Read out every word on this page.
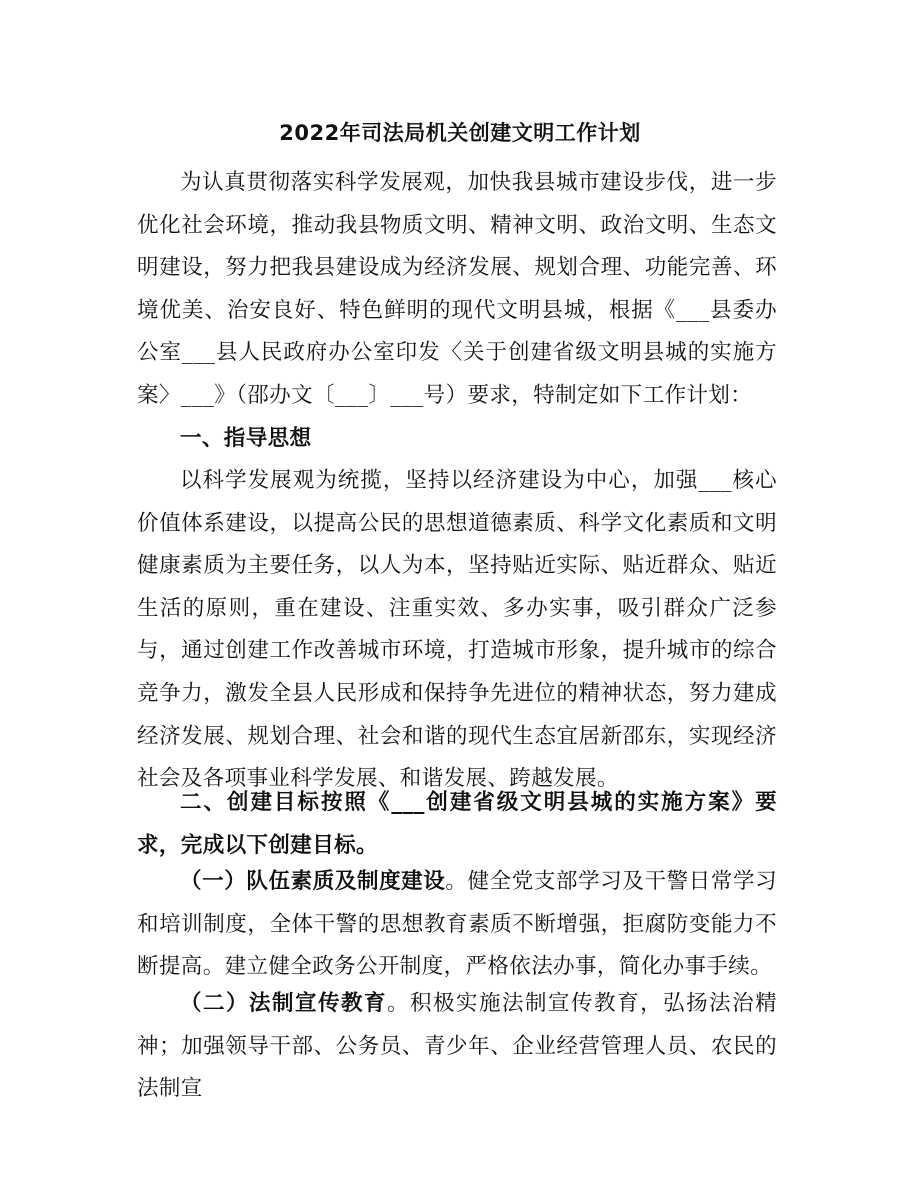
2022年司法局机关创建文明工作计划

为认真贯彻落实科学发展观，加快我县城市建设步伐，进一步优化社会环境，推动我县物质文明、精神文明、政治文明、生态文明建设，努力把我县建设成为经济发展、规划合理、功能完善、环境优美、治安良好、特色鲜明的现代文明县城，根据《___县委办公室___县人民政府办公室印发〈关于创建省级文明县城的实施方案〉___》（邵办文〔___〕___号）要求，特制定如下工作计划：

一、指导思想

以科学发展观为统揽，坚持以经济建设为中心，加强___核心价值体系建设，以提高公民的思想道德素质、科学文化素质和文明健康素质为主要任务，以人为本，坚持贴近实际、贴近群众、贴近生活的原则，重在建设、注重实效、多办实事，吸引群众广泛参与，通过创建工作改善城市环境，打造城市形象，提升城市的综合竞争力，激发全县人民形成和保持争先进位的精神状态，努力建成经济发展、规划合理、社会和谐的现代生态宜居新邵东，实现经济社会及各项事业科学发展、和谐发展、跨越发展。

二、创建目标按照《___创建省级文明县城的实施方案》要求，完成以下创建目标。

（一）队伍素质及制度建设。健全党支部学习及干警日常学习和培训制度，全体干警的思想教育素质不断增强，拒腐防变能力不断提高。建立健全政务公开制度，严格依法办事，简化办事手续。

（二）法制宣传教育。积极实施法制宣传教育，弘扬法治精神；加强领导干部、公务员、青少年、企业经营管理人员、农民的法制宣
